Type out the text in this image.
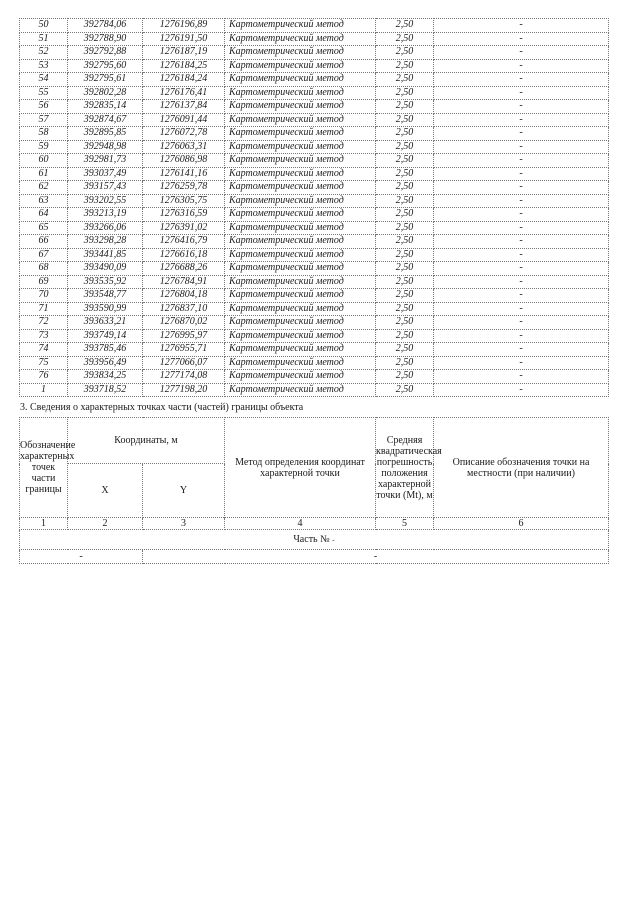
50	392784,06	1276196,89	Картометрический метод	2,50	-
51	392788,90	1276191,50	Картометрический метод	2,50	-
52	392792,88	1276187,19	Картометрический метод	2,50	-
53	392795,60	1276184,25	Картометрический метод	2,50	-
54	392795,61	1276184,24	Картометрический метод	2,50	-
55	392802,28	1276176,41	Картометрический метод	2,50	-
56	392835,14	1276137,84	Картометрический метод	2,50	-
57	392874,67	1276091,44	Картометрический метод	2,50	-
58	392895,85	1276072,78	Картометрический метод	2,50	-
59	392948,98	1276063,31	Картометрический метод	2,50	-
60	392981,73	1276086,98	Картометрический метод	2,50	-
61	393037,49	1276141,16	Картометрический метод	2,50	-
62	393157,43	1276259,78	Картометрический метод	2,50	-
63	393202,55	1276305,75	Картометрический метод	2,50	-
64	393213,19	1276316,59	Картометрический метод	2,50	-
65	393266,06	1276391,02	Картометрический метод	2,50	-
66	393298,28	1276416,79	Картометрический метод	2,50	-
67	393441,85	1276616,18	Картометрический метод	2,50	-
68	393490,09	1276688,26	Картометрический метод	2,50	-
69	393535,92	1276784,91	Картометрический метод	2,50	-
70	393548,77	1276804,18	Картометрический метод	2,50	-
71	393590,99	1276837,10	Картометрический метод	2,50	-
72	393633,21	1276870,02	Картометрический метод	2,50	-
73	393749,14	1276995,97	Картометрический метод	2,50	-
74	393785,46	1276955,71	Картометрический метод	2,50	-
75	393956,49	1277066,07	Картометрический метод	2,50	-
76	393834,25	1277174,08	Картометрический метод	2,50	-
1	393718,52	1277198,20	Картометрический метод	2,50	-
3. Сведения о характерных точках части (частей) границы объекта
Обозначение характерных точек части границы	Координаты, м		Метод определения координат характерной точки	Средняя квадратическая погрешность положения характерной точки (Mt), м	Описание обозначения точки на местности (при наличии)
	X	Y			
1	2	3	4	5	6
Часть № -					
-		-			
